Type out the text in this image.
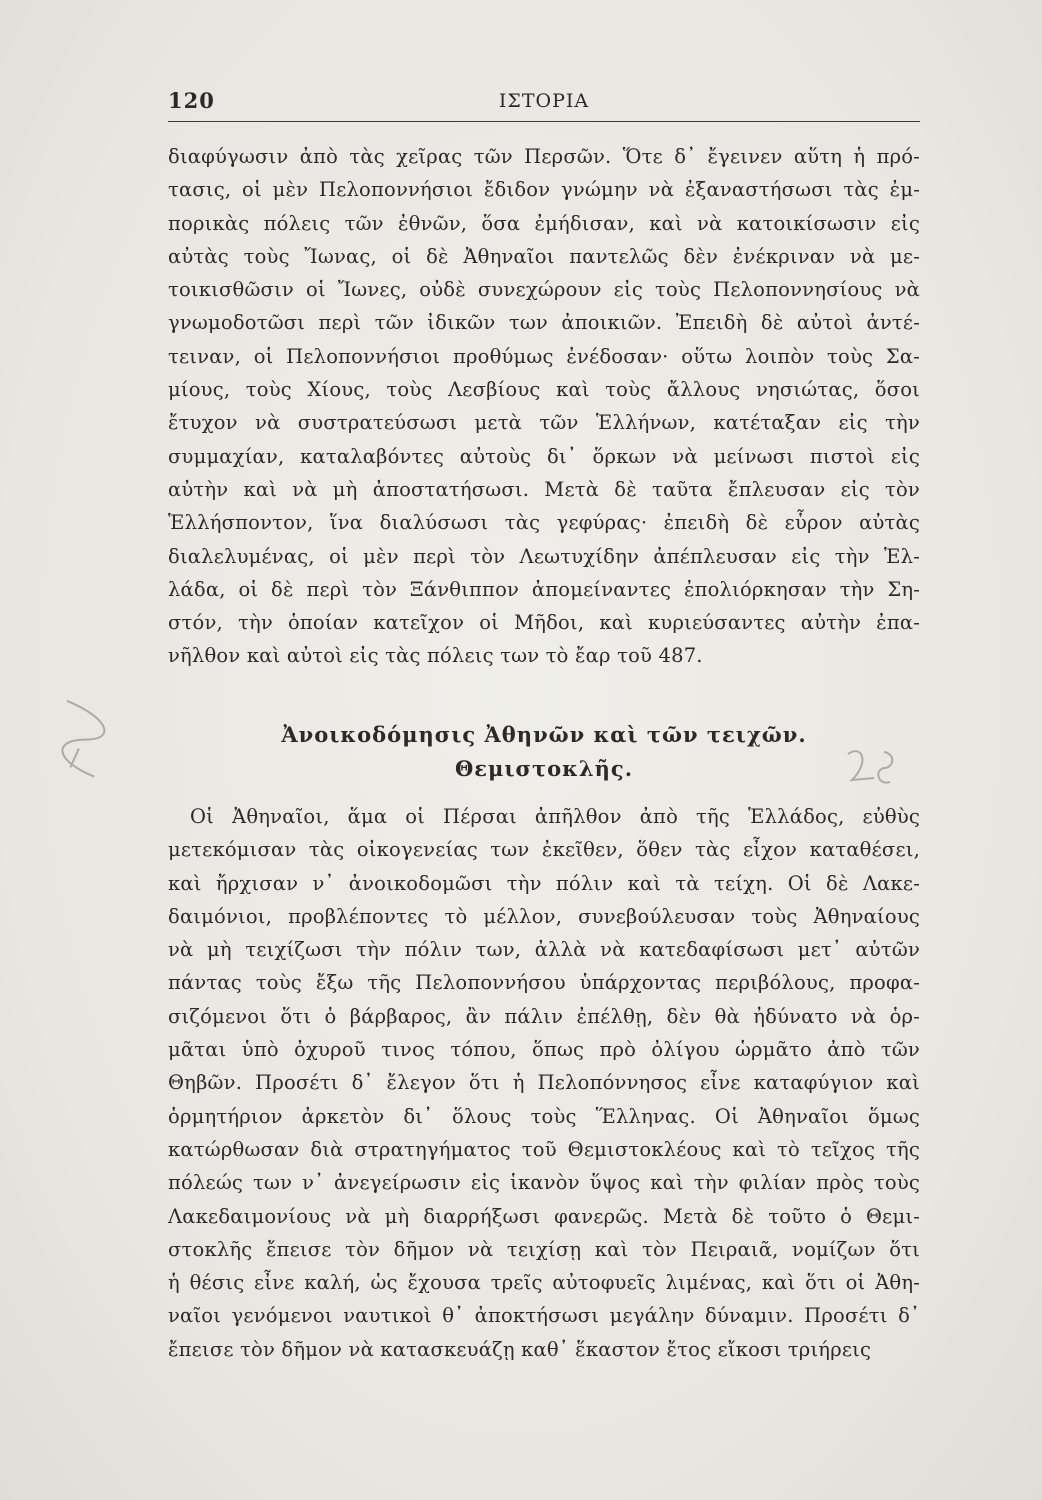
120	ΙΣΤΟΡΙΑ
διαφύγωσιν ἀπὸ τὰς χεῖρας τῶν Περσῶν. Ὅτε δ᾽ ἔγεινεν αὕτη ἡ πρό-
τασις, οἱ μὲν Πελοποννήσιοι ἔδιδον γνώμην νὰ ἐξαναστήσωσι τὰς ἐμ-
πορικὰς πόλεις τῶν ἐθνῶν, ὅσα ἐμήδισαν, καὶ νὰ κατοικίσωσιν εἰς
αὐτὰς τοὺς Ἴωνας, οἱ δὲ Ἀθηναῖοι παντελῶς δὲν ἐνέκριναν νὰ με-
τοικισθῶσιν οἱ Ἴωνες, οὐδὲ συνεχώρουν εἰς τοὺς Πελοποννησίους νὰ
γνωμοδοτῶσι περὶ τῶν ἰδικῶν των ἀποικιῶν. Ἐπειδὴ δὲ αὐτοὶ ἀντέ-
τειναν, οἱ Πελοποννήσιοι προθύμως ἐνέδοσαν· οὕτω λοιπὸν τοὺς Σα-
μίους, τοὺς Χίους, τοὺς Λεσβίους καὶ τοὺς ἄλλους νησιώτας, ὅσοι
ἔτυχον νὰ συστρατεύσωσι μετὰ τῶν Ἑλλήνων, κατέταξαν εἰς τὴν
συμμαχίαν, καταλαβόντες αὐτοὺς δι᾽ ὅρκων νὰ μείνωσι πιστοὶ εἰς
αὐτὴν καὶ νὰ μὴ ἀποστατήσωσι. Μετὰ δὲ ταῦτα ἔπλευσαν εἰς τὸν
Ἑλλήσποντον, ἵνα διαλύσωσι τὰς γεφύρας· ἐπειδὴ δὲ εὗρον αὐτὰς
διαλελυμένας, οἱ μὲν περὶ τὸν Λεωτυχίδην ἀπέπλευσαν εἰς τὴν Ἑλ-
λάδα, οἱ δὲ περὶ τὸν Ξάνθιππον ἀπομείναντες ἐπολιόρκησαν τὴν Ση-
στόν, τὴν ὁποίαν κατεῖχον οἱ Μῆδοι, καὶ κυριεύσαντες αὐτὴν ἐπα-
νῆλθον καὶ αὐτοὶ εἰς τὰς πόλεις των τὸ ἔαρ τοῦ 487.
Ἀνοικοδόμησις Ἀθηνῶν καὶ τῶν τειχῶν.
Θεμιστοκλῆς.
Οἱ Ἀθηναῖοι, ἅμα οἱ Πέρσαι ἀπῆλθον ἀπὸ τῆς Ἑλλάδος, εὐθὺς
μετεκόμισαν τὰς οἰκογενείας των ἐκεῖθεν, ὅθεν τὰς εἶχον καταθέσει,
καὶ ἤρχισαν ν᾽ ἀνοικοδομῶσι τὴν πόλιν καὶ τὰ τείχη. Οἱ δὲ Λακε-
δαιμόνιοι, προβλέποντες τὸ μέλλον, συνεβούλευσαν τοὺς Ἀθηναίους
νὰ μὴ τειχίζωσι τὴν πόλιν των, ἀλλὰ νὰ κατεδαφίσωσι μετ᾽ αὐτῶν
πάντας τοὺς ἔξω τῆς Πελοποννήσου ὑπάρχοντας περιβόλους, προφα-
σιζόμενοι ὅτι ὁ βάρβαρος, ἂν πάλιν ἐπέλθῃ, δὲν θὰ ἠδύνατο νὰ ὁρ-
μᾶται ὑπὸ ὀχυροῦ τινος τόπου, ὅπως πρὸ ὀλίγου ὡρμᾶτο ἀπὸ τῶν
Θηβῶν. Προσέτι δ᾽ ἔλεγον ὅτι ἡ Πελοπόννησος εἶνε καταφύγιον καὶ
ὁρμητήριον ἀρκετὸν δι᾽ ὅλους τοὺς Ἕλληνας. Οἱ Ἀθηναῖοι ὅμως
κατώρθωσαν διὰ στρατηγήματος τοῦ Θεμιστοκλέους καὶ τὸ τεῖχος τῆς
πόλεώς των ν᾽ ἀνεγείρωσιν εἰς ἱκανὸν ὕψος καὶ τὴν φιλίαν πρὸς τοὺς
Λακεδαιμονίους νὰ μὴ διαρρήξωσι φανερῶς. Μετὰ δὲ τοῦτο ὁ Θεμι-
στοκλῆς ἔπεισε τὸν δῆμον νὰ τειχίσῃ καὶ τὸν Πειραιᾶ, νομίζων ὅτι
ἡ θέσις εἶνε καλή, ὡς ἔχουσα τρεῖς αὐτοφυεῖς λιμένας, καὶ ὅτι οἱ Ἀθη-
ναῖοι γενόμενοι ναυτικοὶ θ᾽ ἀποκτήσωσι μεγάλην δύναμιν. Προσέτι δ᾽
ἔπεισε τὸν δῆμον νὰ κατασκευάζῃ καθ᾽ ἕκαστον ἔτος εἴκοσι τριήρεις
